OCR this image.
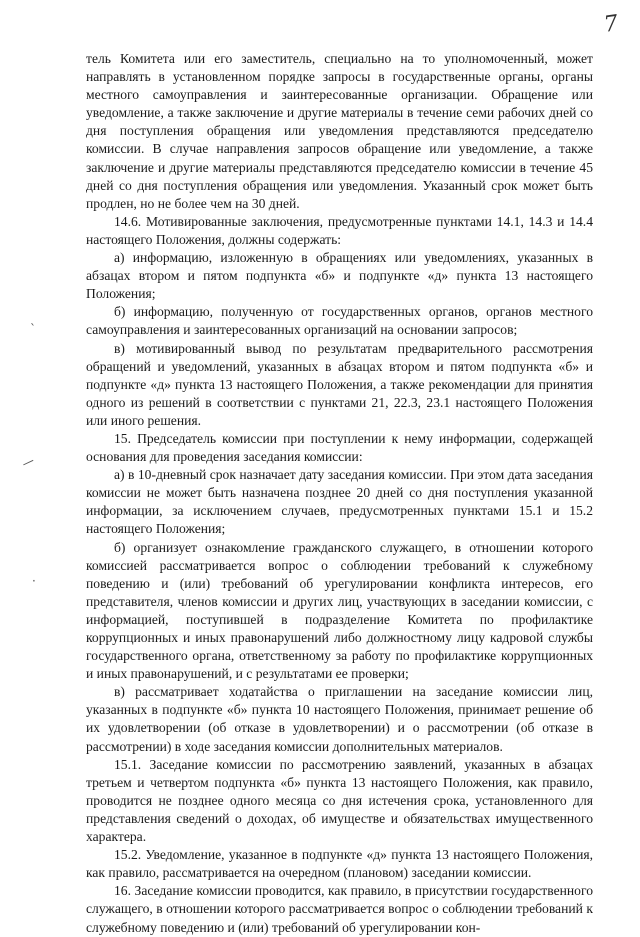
7
`
—
·

тель Комитета или его заместитель, специально на то уполномоченный, может направлять в установленном порядке запросы в государственные органы, органы местного самоуправления и заинтересованные организации. Обращение или уведомление, а также заключение и другие материалы в течение семи рабочих дней со дня поступления обращения или уведомления представляются председателю комиссии. В случае направления запросов обращение или уведомление, а также заключение и другие материалы представляются председателю комиссии в течение 45 дней со дня поступления обращения или уведомления. Указанный срок может быть продлен, но не более чем на 30 дней.

14.6. Мотивированные заключения, предусмотренные пунктами 14.1, 14.3 и 14.4 настоящего Положения, должны содержать:

а) информацию, изложенную в обращениях или уведомлениях, указанных в абзацах втором и пятом подпункта «б» и подпункте «д» пункта 13 настоящего Положения;

б) информацию, полученную от государственных органов, органов местного самоуправления и заинтересованных организаций на основании запросов;

в) мотивированный вывод по результатам предварительного рассмотрения обращений и уведомлений, указанных в абзацах втором и пятом подпункта «б» и подпункте «д» пункта 13 настоящего Положения, а также рекомендации для принятия одного из решений в соответствии с пунктами 21, 22.3, 23.1 настоящего Положения или иного решения.

15. Председатель комиссии при поступлении к нему информации, содержащей основания для проведения заседания комиссии:

а) в 10-дневный срок назначает дату заседания комиссии. При этом дата заседания комиссии не может быть назначена позднее 20 дней со дня поступления указанной информации, за исключением случаев, предусмотренных пунктами 15.1 и 15.2 настоящего Положения;

б) организует ознакомление гражданского служащего, в отношении которого комиссией рассматривается вопрос о соблюдении требований к служебному поведению и (или) требований об урегулировании конфликта интересов, его представителя, членов комиссии и других лиц, участвующих в заседании комиссии, с информацией, поступившей в подразделение Комитета по профилактике коррупционных и иных правонарушений либо должностному лицу кадровой службы государственного органа, ответственному за работу по профилактике коррупционных и иных правонарушений, и с результатами ее проверки;

в) рассматривает ходатайства о приглашении на заседание комиссии лиц, указанных в подпункте «б» пункта 10 настоящего Положения, принимает решение об их удовлетворении (об отказе в удовлетворении) и о рассмотрении (об отказе в рассмотрении) в ходе заседания комиссии дополнительных материалов.

15.1. Заседание комиссии по рассмотрению заявлений, указанных в абзацах третьем и четвертом подпункта «б» пункта 13 настоящего Положения, как правило, проводится не позднее одного месяца со дня истечения срока, установленного для представления сведений о доходах, об имуществе и обязательствах имущественного характера.

15.2. Уведомление, указанное в подпункте «д» пункта 13 настоящего Положения, как правило, рассматривается на очередном (плановом) заседании комиссии.

16. Заседание комиссии проводится, как правило, в присутствии государственного служащего, в отношении которого рассматривается вопрос о соблюдении требований к служебному поведению и (или) требований об урегулировании кон-
